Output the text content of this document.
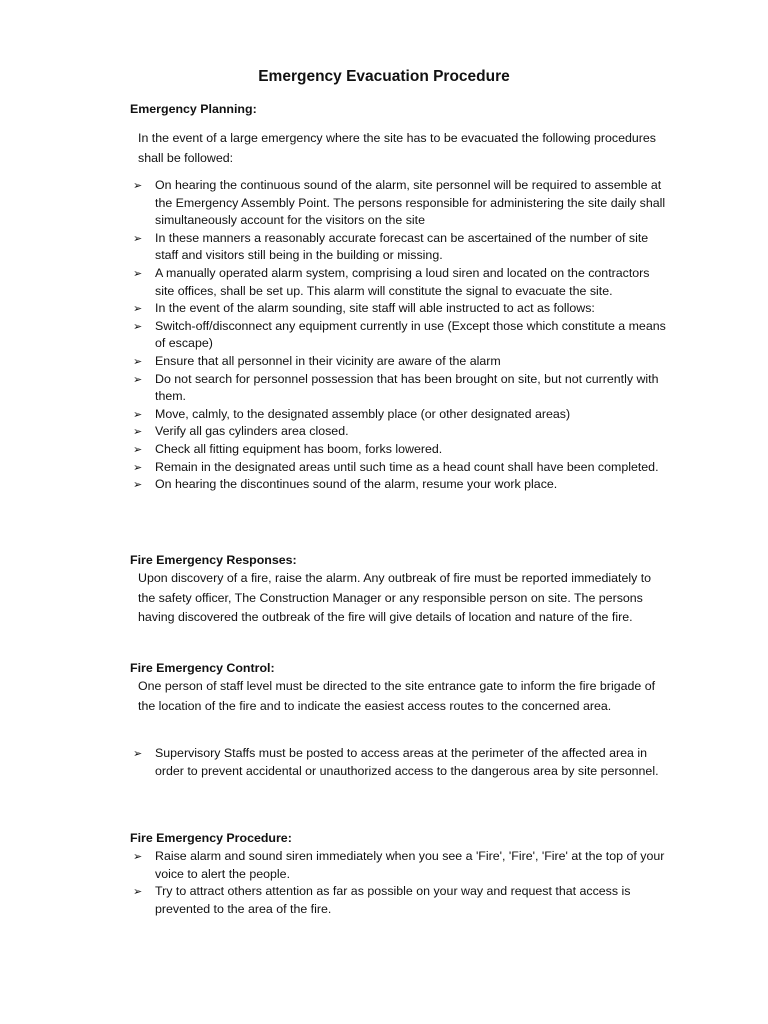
Emergency Evacuation Procedure
Emergency Planning:
In the event of a large emergency where the site has to be evacuated the following procedures shall be followed:
➢	On hearing the continuous sound of the alarm, site personnel will be required to assemble at the Emergency Assembly Point. The persons responsible for administering the site daily shall simultaneously account for the visitors on the site
➢	In these manners a reasonably accurate forecast can be ascertained of the number of site staff and visitors still being in the building or missing.
➢	A manually operated alarm system, comprising a loud siren and located on the contractors site offices, shall be set up. This alarm will constitute the signal to evacuate the site.
➢	In the event of the alarm sounding, site staff will able instructed to act as follows:
➢	Switch-off/disconnect any equipment currently in use (Except those which constitute a means of escape)
➢	Ensure that all personnel in their vicinity are aware of the alarm
➢	Do not search for personnel possession that has been brought on site, but not currently with them.
➢	Move, calmly, to the designated assembly place (or other designated areas)
➢	Verify all gas cylinders area closed.
➢	Check all fitting equipment has boom, forks lowered.
➢	Remain in the designated areas until such time as a head count shall have been completed.
➢	On hearing the discontinues sound of the alarm, resume your work place.
Fire Emergency Responses:
Upon discovery of a fire, raise the alarm. Any outbreak of fire must be reported immediately to the safety officer, The Construction Manager or any responsible person on site. The persons having discovered the outbreak of the fire will give details of location and nature of the fire.
Fire Emergency Control:
One person of staff level must be directed to the site entrance gate to inform the fire brigade of the location of the fire and to indicate the easiest access routes to the concerned area.
➢	Supervisory Staffs must be posted to access areas at the perimeter of the affected area in order to prevent accidental or unauthorized access to the dangerous area by site personnel.
Fire Emergency Procedure:
➢	Raise alarm and sound siren immediately when you see a 'Fire', 'Fire', 'Fire' at the top of your voice to alert the people.
➢	Try to attract others attention as far as possible on your way and request that access is prevented to the area of the fire.
